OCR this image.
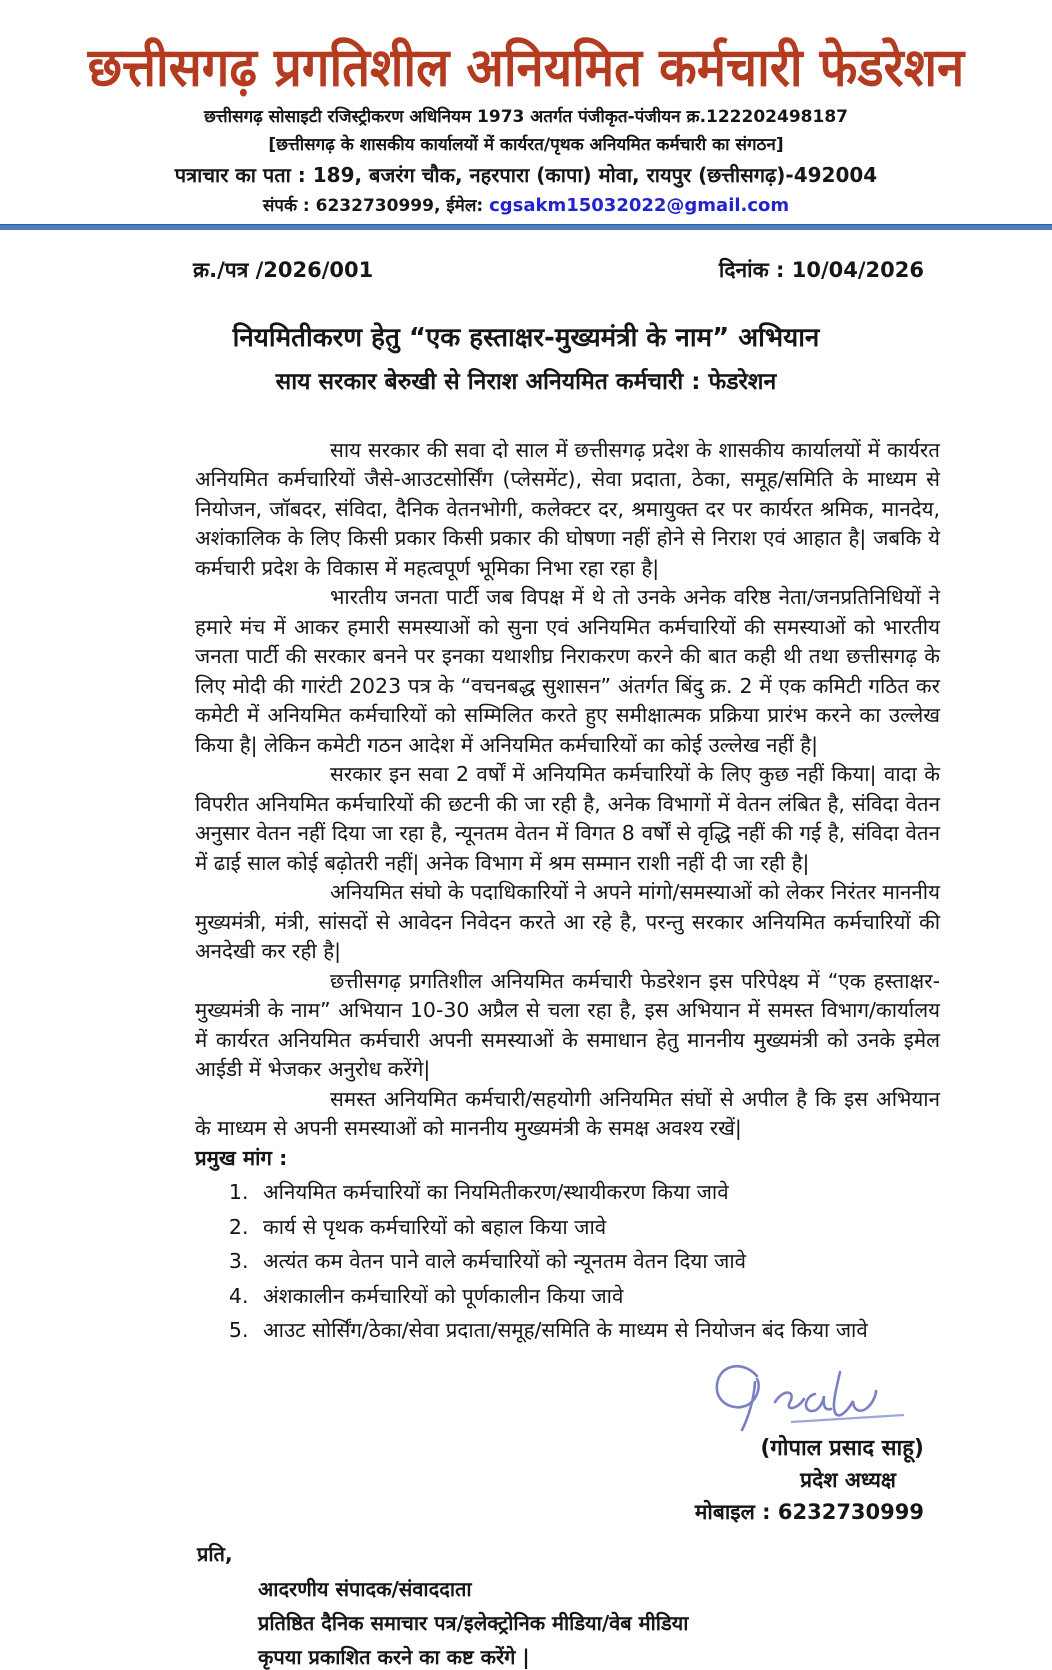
छत्तीसगढ़ प्रगतिशील अनियमित कर्मचारी फेडरेशन
छत्तीसगढ़ सोसाइटी रजिस्ट्रीकरण अधिनियम 1973 अतर्गत पंजीकृत-पंजीयन क्र.122202498187
[छत्तीसगढ़ के शासकीय कार्यालयों में कार्यरत/पृथक अनियमित कर्मचारी का संगठन]
पत्राचार का पता : 189, बजरंग चौक, नहरपारा (कापा) मोवा, रायपुर (छत्तीसगढ़)-492004
संपर्क : 6232730999, ईमेल: cgsakm15032022@gmail.com
क्र./पत्र /2026/001	दिनांक : 10/04/2026
नियमितीकरण हेतु “एक हस्ताक्षर-मुख्यमंत्री के नाम” अभियान
साय सरकार बेरुखी से निराश अनियमित कर्मचारी : फेडरेशन

साय सरकार की सवा दो साल में छत्तीसगढ़ प्रदेश के शासकीय कार्यालयों में कार्यरत अनियमित कर्मचारियों जैसे-आउटसोर्सिंग (प्लेसमेंट), सेवा प्रदाता, ठेका, समूह/समिति के माध्यम से नियोजन, जॉबदर, संविदा, दैनिक वेतनभोगी, कलेक्टर दर, श्रमायुक्त दर पर कार्यरत श्रमिक, मानदेय, अशंकालिक के लिए किसी प्रकार किसी प्रकार की घोषणा नहीं होने से निराश एवं आहात है| जबकि ये कर्मचारी प्रदेश के विकास में महत्वपूर्ण भूमिका निभा रहा रहा है|

भारतीय जनता पार्टी जब विपक्ष में थे तो उनके अनेक वरिष्ठ नेता/जनप्रतिनिधियों ने हमारे मंच में आकर हमारी समस्याओं को सुना एवं अनियमित कर्मचारियों की समस्याओं को भारतीय जनता पार्टी की सरकार बनने पर इनका यथाशीघ्र निराकरण करने की बात कही थी तथा छत्तीसगढ़ के लिए मोदी की गारंटी 2023 पत्र के “वचनबद्ध सुशासन” अंतर्गत बिंदु क्र. 2 में एक कमिटी गठित कर कमेटी में अनियमित कर्मचारियों को सम्मिलित करते हुए समीक्षात्मक प्रक्रिया प्रारंभ करने का उल्लेख किया है| लेकिन कमेटी गठन आदेश में अनियमित कर्मचारियों का कोई उल्लेख नहीं है|

सरकार इन सवा 2 वर्षों में अनियमित कर्मचारियों के लिए कुछ नहीं किया| वादा के विपरीत अनियमित कर्मचारियों की छटनी की जा रही है, अनेक विभागों में वेतन लंबित है, संविदा वेतन अनुसार वेतन नहीं दिया जा रहा है, न्यूनतम वेतन में विगत 8 वर्षों से वृद्धि नहीं की गई है, संविदा वेतन में ढाई साल कोई बढ़ोतरी नहीं| अनेक विभाग में श्रम सम्मान राशी नहीं दी जा रही है|

अनियमित संघो के पदाधिकारियों ने अपने मांगो/समस्याओं को लेकर निरंतर माननीय मुख्यमंत्री, मंत्री, सांसदों से आवेदन निवेदन करते आ रहे है, परन्तु सरकार अनियमित कर्मचारियों की अनदेखी कर रही है|

छत्तीसगढ़ प्रगतिशील अनियमित कर्मचारी फेडरेशन इस परिपेक्ष्य में “एक हस्ताक्षर-मुख्यमंत्री के नाम” अभियान 10-30 अप्रैल से चला रहा है, इस अभियान में समस्त विभाग/कार्यालय में कार्यरत अनियमित कर्मचारी अपनी समस्याओं के समाधान हेतु माननीय मुख्यमंत्री को उनके इमेल आईडी में भेजकर अनुरोध करेंगे|

समस्त अनियमित कर्मचारी/सहयोगी अनियमित संघों से अपील है कि इस अभियान के माध्यम से अपनी समस्याओं को माननीय मुख्यमंत्री के समक्ष अवश्य रखें|

प्रमुख मांग :

1. अनियमित कर्मचारियों का नियमितीकरण/स्थायीकरण किया जावे
2. कार्य से पृथक कर्मचारियों को बहाल किया जावे
3. अत्यंत कम वेतन पाने वाले कर्मचारियों को न्यूनतम वेतन दिया जावे
4. अंशकालीन कर्मचारियों को पूर्णकालीन किया जावे
5. आउट सोर्सिंग/ठेका/सेवा प्रदाता/समूह/समिति के माध्यम से नियोजन बंद किया जावे
(गोपाल प्रसाद साहू)
प्रदेश अध्यक्ष
मोबाइल : 6232730999
प्रति,
आदरणीय संपादक/संवाददाता
प्रतिष्ठित दैनिक समाचार पत्र/इलेक्ट्रोनिक मीडिया/वेब मीडिया
कृपया प्रकाशित करने का कष्ट करेंगे |
